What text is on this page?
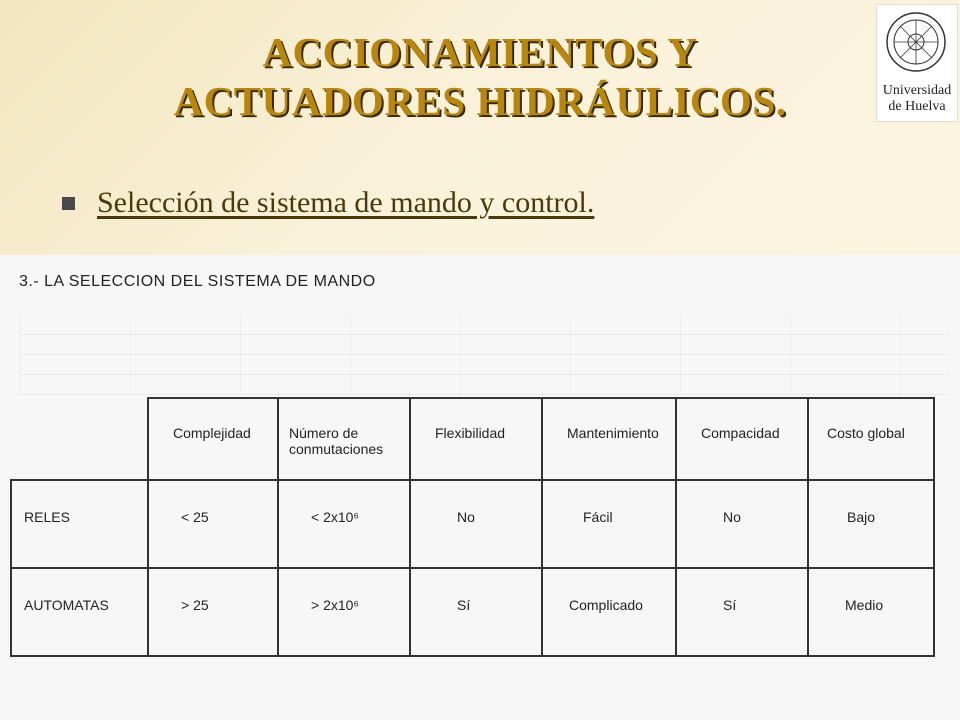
ACCIONAMIENTOS Y
ACTUADORES HIDRÁULICOS.	Universidad
de Huelva
Selección de sistema de mando y control.
3.- LA SELECCION DEL SISTEMA DE MANDO

	Complejidad	Número de conmutaciones	Flexibilidad	Mantenimiento	Compacidad	Costo global

RELES	< 25	< 2x10⁶	No	Fácil	No	Bajo

AUTOMATAS	> 25	> 2x10⁶	Sí	Complicado	Sí	Medio
